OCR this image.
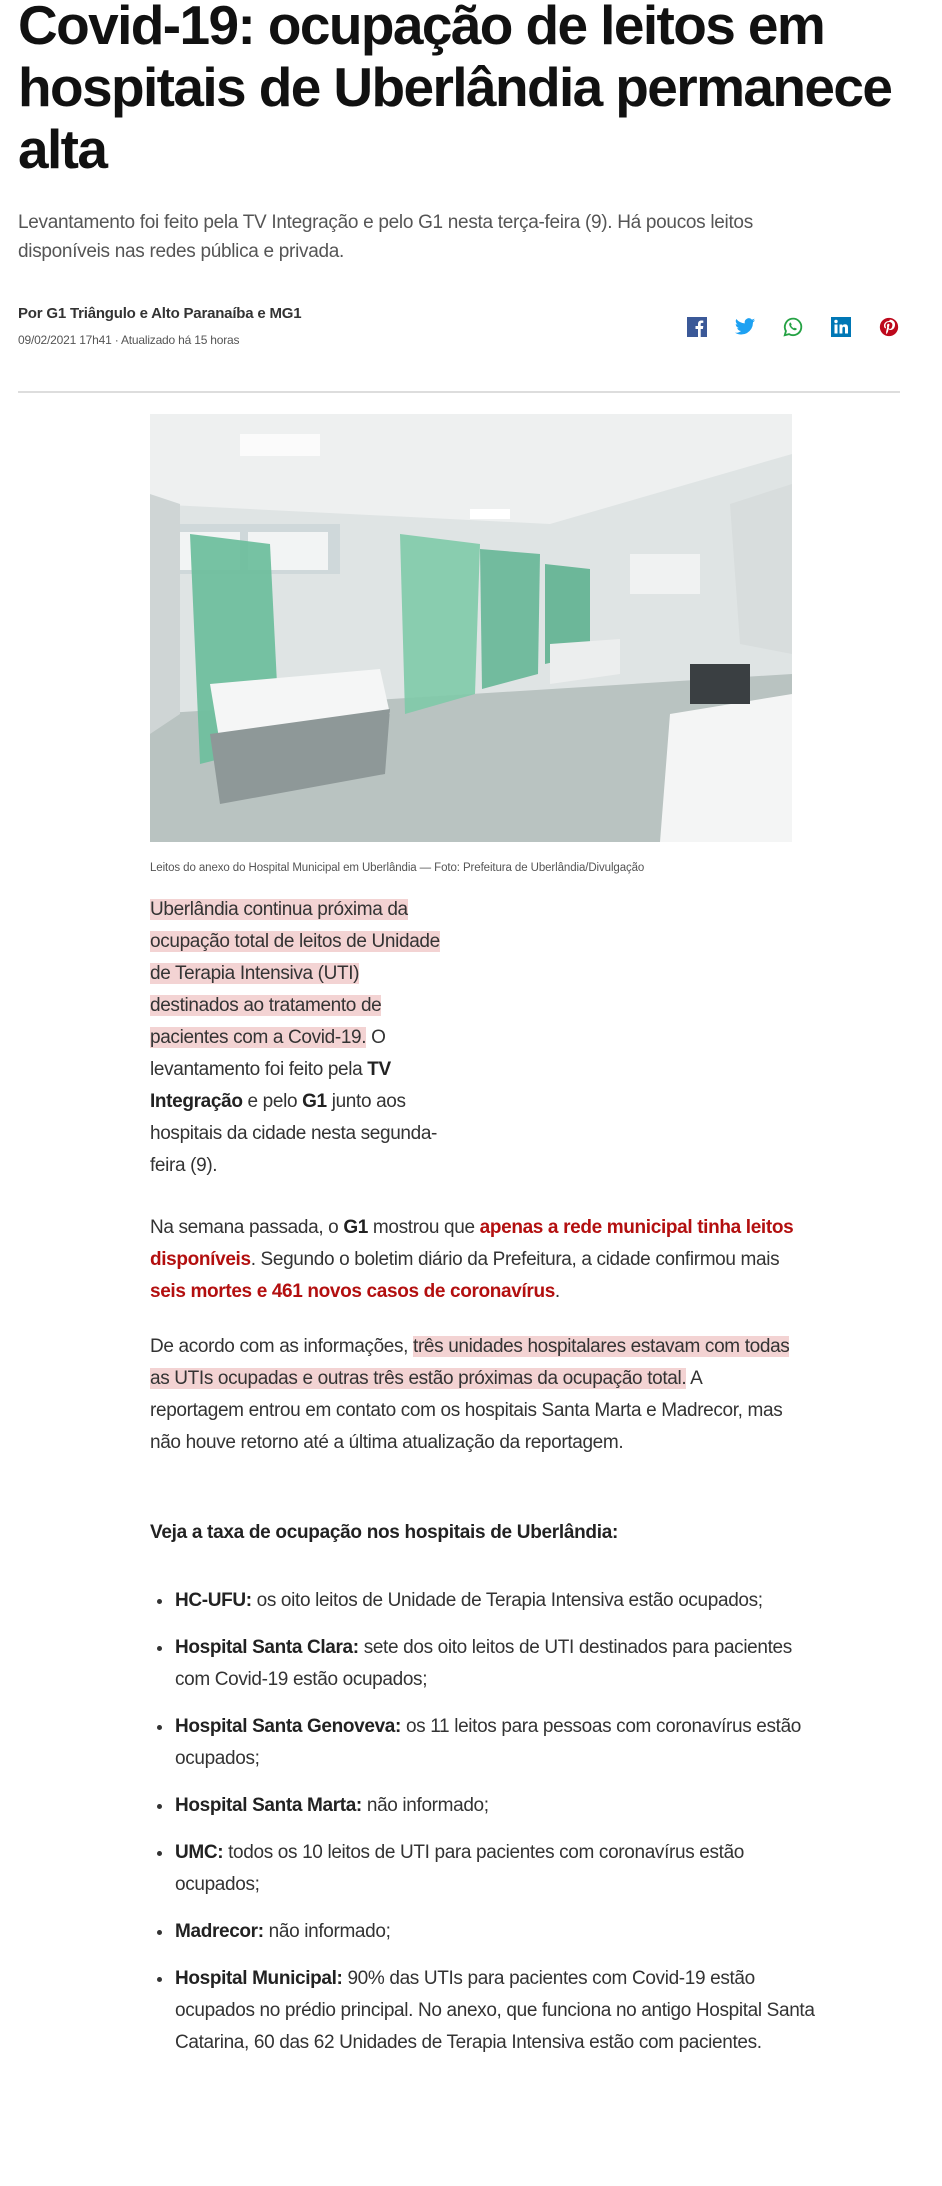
Covid-19: ocupação de leitos em hospitais de Uberlândia permanece alta

Levantamento foi feito pela TV Integração e pelo G1 nesta terça-feira (9). Há poucos leitos disponíveis nas redes pública e privada.

Por G1 Triângulo e Alto Paranaíba e MG1
09/02/2021 17h41 · Atualizado há 15 horas
Leitos do anexo do Hospital Municipal em Uberlândia — Foto: Prefeitura de Uberlândia/Divulgação

Uberlândia continua próxima da ocupação total de leitos de Unidade de Terapia Intensiva (UTI) destinados ao tratamento de pacientes com a Covid-19. O levantamento foi feito pela TV Integração e pelo G1 junto aos hospitais da cidade nesta segunda-feira (9).

Na semana passada, o G1 mostrou que apenas a rede municipal tinha leitos disponíveis. Segundo o boletim diário da Prefeitura, a cidade confirmou mais seis mortes e 461 novos casos de coronavírus.

De acordo com as informações, três unidades hospitalares estavam com todas as UTIs ocupadas e outras três estão próximas da ocupação total. A reportagem entrou em contato com os hospitais Santa Marta e Madrecor, mas não houve retorno até a última atualização da reportagem.

Veja a taxa de ocupação nos hospitais de Uberlândia:
HC-UFU: os oito leitos de Unidade de Terapia Intensiva estão ocupados;
Hospital Santa Clara: sete dos oito leitos de UTI destinados para pacientes com Covid-19 estão ocupados;
Hospital Santa Genoveva: os 11 leitos para pessoas com coronavírus estão ocupados;
Hospital Santa Marta: não informado;
UMC: todos os 10 leitos de UTI para pacientes com coronavírus estão ocupados;
Madrecor: não informado;
Hospital Municipal: 90% das UTIs para pacientes com Covid-19 estão ocupados no prédio principal. No anexo, que funciona no antigo Hospital Santa Catarina, 60 das 62 Unidades de Terapia Intensiva estão com pacientes.
